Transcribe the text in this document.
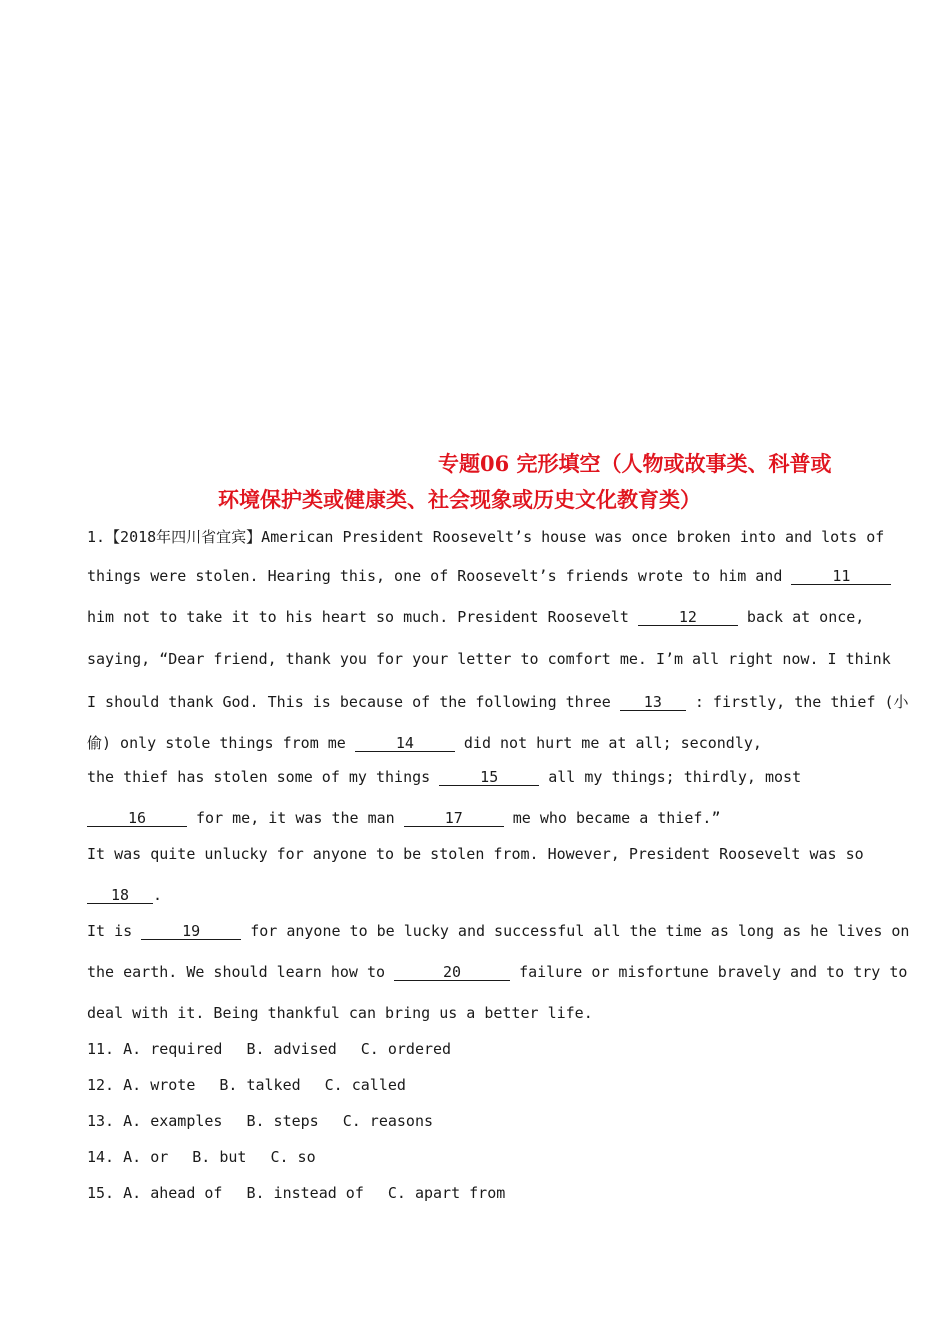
专题06 完形填空（人物或故事类、科普或
环境保护类或健康类、社会现象或历史文化教育类）
1.【2018年四川省宜宾】American President Roosevelt’s house was once broken into and lots of
things were stolen. Hearing this, one of Roosevelt’s friends wrote to him and	11
him not to take it to his heart so much. President Roosevelt	12	back at once,
saying, “Dear friend, thank you for your letter to comfort me. I’m all right now. I think
I should thank God. This is because of the following three 13 : firstly, the thief (小
偷) only stole things from me	14	did not hurt me at all; secondly,
the thief has stolen some of my things	15	all my things; thirdly, most
16	for me, it was the man	17	me who became a thief.”
It was quite unlucky for anyone to be stolen from. However, President Roosevelt was so
18 .
It is	19	for anyone to be lucky and successful all the time as long as he lives on
the earth. We should learn how to	20	failure or misfortune bravely and to try to
deal with it. Being thankful can bring us a better life.
11. A. required B. advised C. ordered
12. A. wrote B. talked C. called
13. A. examples B. steps C. reasons
14. A. or B. but C. so
15. A. ahead of B. instead of C. apart from
